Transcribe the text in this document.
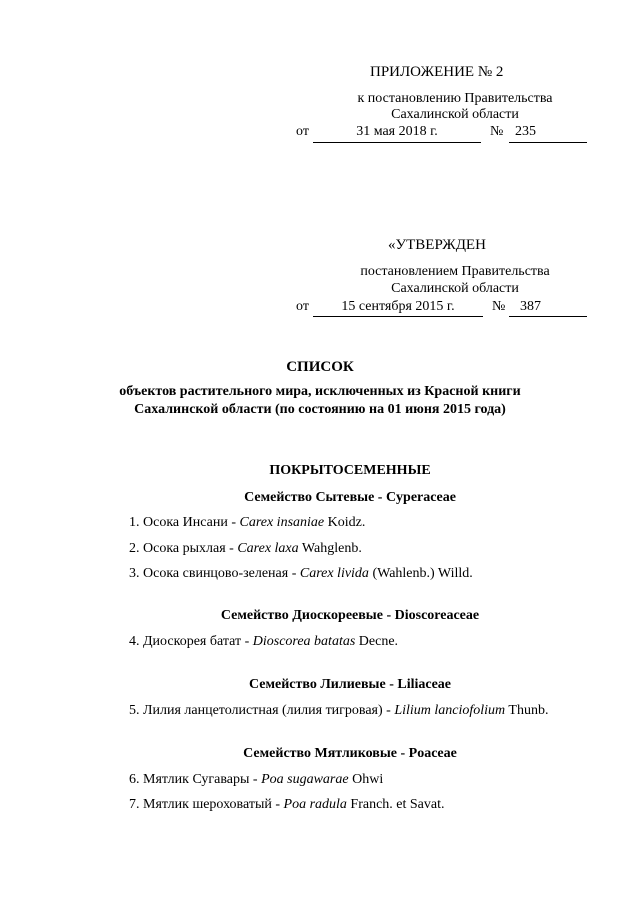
ПРИЛОЖЕНИЕ № 2
к постановлению Правительства
Сахалинской области
от	31 мая 2018 г.	№ 235
«УТВЕРЖДЕН
постановлением Правительства
Сахалинской области
от	15 сентября 2015 г.	№ 387
СПИСОК
объектов растительного мира, исключенных из Красной книги
Сахалинской области (по состоянию на 01 июня 2015 года)
ПОКРЫТОСЕМЕННЫЕ
Семейство Сытевые - Cyperaceae
1. Осока Инсани - Carex insaniae Koidz.
2. Осока рыхлая - Carex laxa Wahglenb.
3. Осока свинцово-зеленая - Carex livida (Wahlenb.) Willd.
Семейство Диоскорeевые - Dioscoreaceae
4. Диоскорея батат - Dioscorea batatas Decne.
Семейство Лилиевые - Liliaceae
5. Лилия ланцетолистная (лилия тигровая) - Lilium lanciofolium Thunb.
Семейство Мятликовые - Poaceae
6. Мятлик Сугавары - Poa sugawarae Ohwi
7. Мятлик шероховатый - Poa radula Franch. et Savat.
